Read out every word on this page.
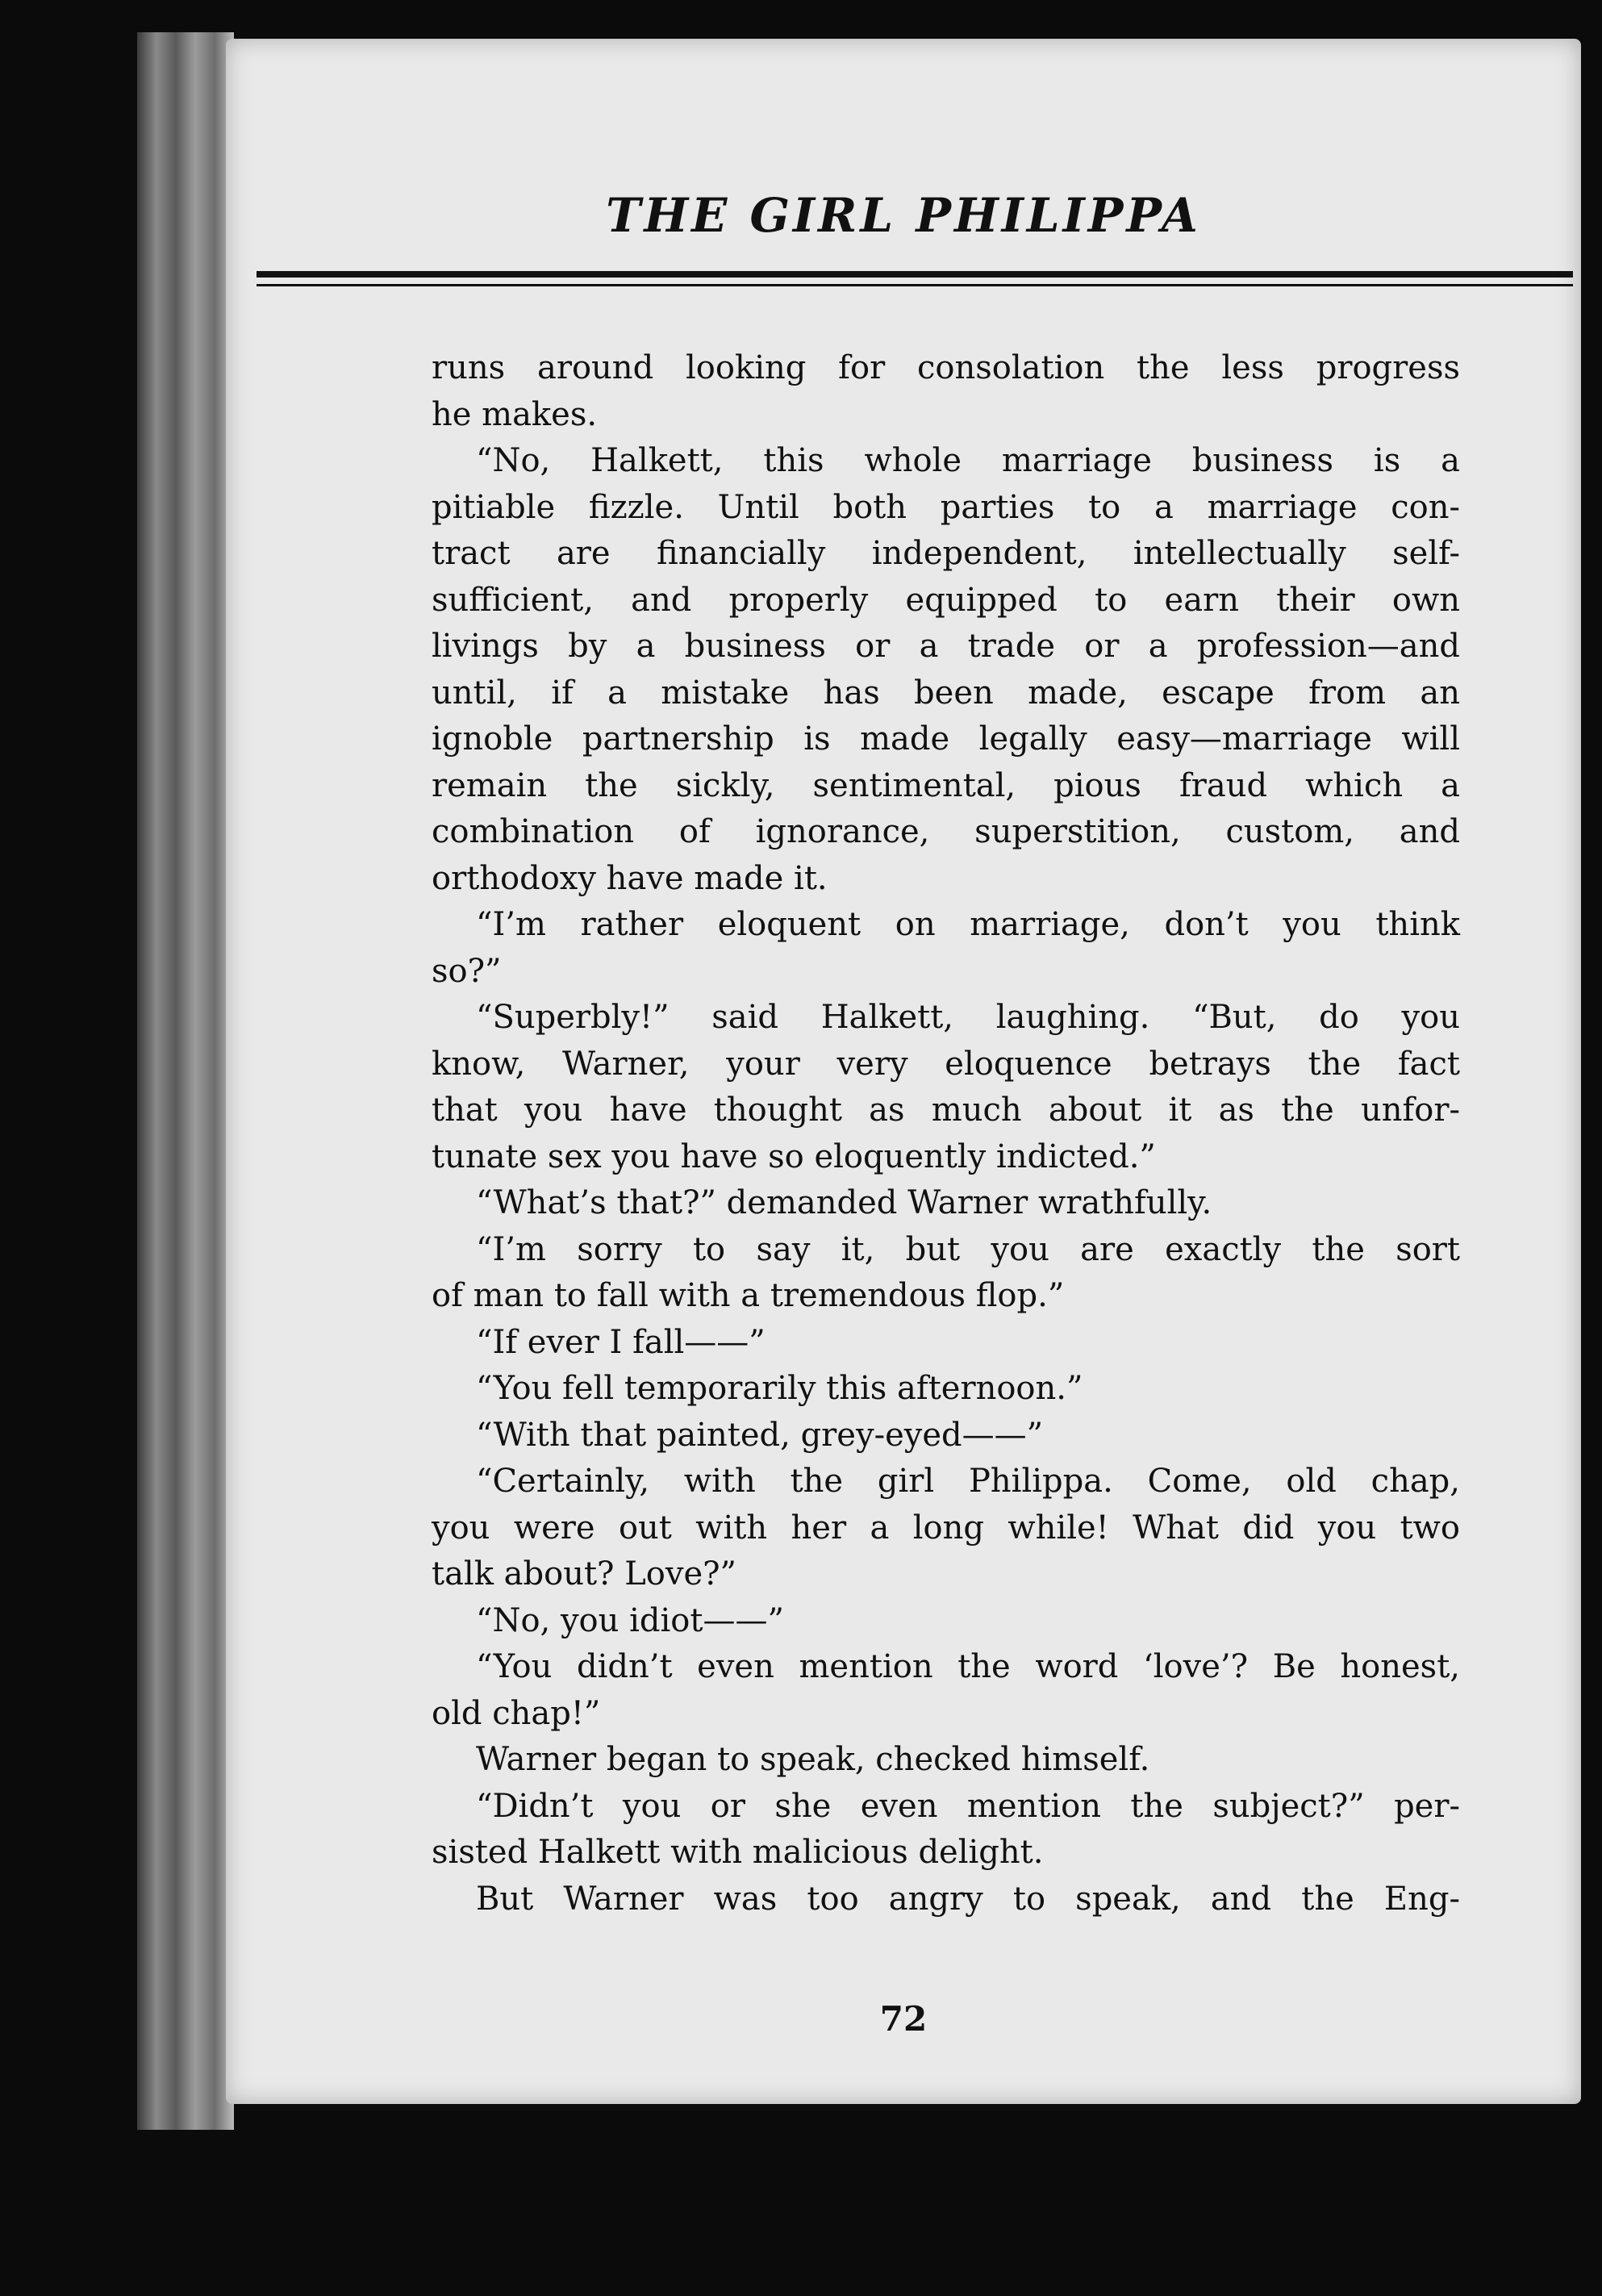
THE GIRL PHILIPPA
runs around looking for consolation the less progress
he makes.
“No, Halkett, this whole marriage business is a
pitiable fizzle. Until both parties to a marriage con-
tract are financially independent, intellectually self-
sufficient, and properly equipped to earn their own
livings by a business or a trade or a profession—and
until, if a mistake has been made, escape from an
ignoble partnership is made legally easy—marriage will
remain the sickly, sentimental, pious fraud which a
combination of ignorance, superstition, custom, and
orthodoxy have made it.
“I’m rather eloquent on marriage, don’t you think
so?”
“Superbly!” said Halkett, laughing. “But, do you
know, Warner, your very eloquence betrays the fact
that you have thought as much about it as the unfor-
tunate sex you have so eloquently indicted.”
“What’s that?” demanded Warner wrathfully.
“I’m sorry to say it, but you are exactly the sort
of man to fall with a tremendous flop.”
“If ever I fall——”
“You fell temporarily this afternoon.”
“With that painted, grey-eyed——”
“Certainly, with the girl Philippa. Come, old chap,
you were out with her a long while! What did you two
talk about? Love?”
“No, you idiot——”
“You didn’t even mention the word ‘love’? Be honest,
old chap!”
Warner began to speak, checked himself.
“Didn’t you or she even mention the subject?” per-
sisted Halkett with malicious delight.
But Warner was too angry to speak, and the Eng-
72
